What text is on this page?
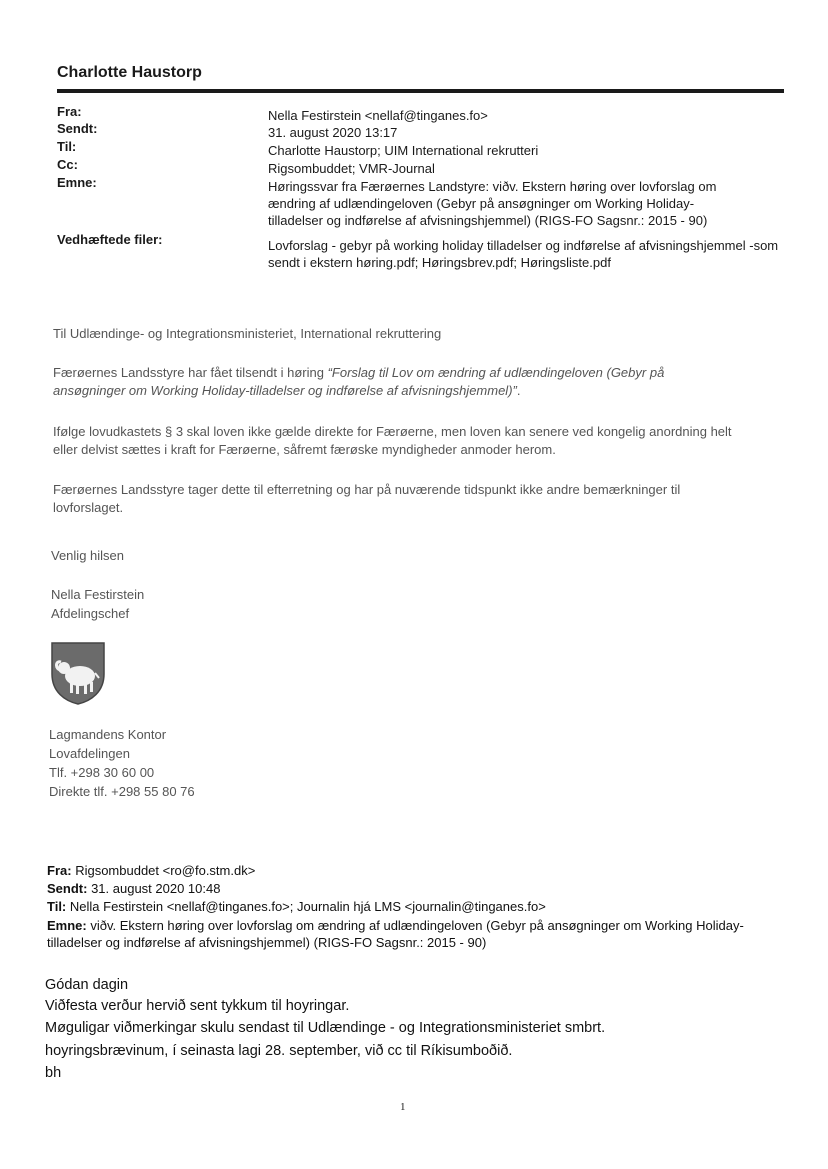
Charlotte Haustorp
Fra:	Nella Festirstein <nellaf@tinganes.fo>
Sendt:	31. august 2020 13:17
Til:	Charlotte Haustorp; UIM International rekrutteri
Cc:	Rigsombuddet; VMR-Journal
Emne:	Høringssvar fra Færøernes Landstyre: viðv. Ekstern høring over lovforslag om ændring af udlændingeloven (Gebyr på ansøgninger om Working Holiday-tilladelser og indførelse af afvisningshjemmel) (RIGS-FO Sagsnr.: 2015 - 90)
Vedhæftede filer:	Lovforslag - gebyr på working holiday tilladelser og indførelse af afvisningshjemmel -som sendt i ekstern høring.pdf; Høringsbrev.pdf; Høringsliste.pdf
Til Udlændinge- og Integrationsministeriet, International rekruttering
Færøernes Landsstyre har fået tilsendt i høring “Forslag til Lov om ændring af udlændingeloven (Gebyr på ansøgninger om Working Holiday-tilladelser og indførelse af afvisningshjemmel)”.
Ifølge lovudkastets § 3 skal loven ikke gælde direkte for Færøerne, men loven kan senere ved kongelig anordning helt eller delvist sættes i kraft for Færøerne, såfremt færøske myndigheder anmoder herom.
Færøernes Landsstyre tager dette til efterretning og har på nuværende tidspunkt ikke andre bemærkninger til lovforslaget.
Venlig hilsen
Nella Festirstein
Afdelingschef
Lagmandens Kontor
Lovafdelingen
Tlf. +298 30 60 00
Direkte tlf. +298 55 80 76
Fra: Rigsombuddet <ro@fo.stm.dk>
Sendt: 31. august 2020 10:48
Til: Nella Festirstein <nellaf@tinganes.fo>; Journalin hjá LMS <journalin@tinganes.fo>
Emne: viðv. Ekstern høring over lovforslag om ændring af udlændingeloven (Gebyr på ansøgninger om Working Holiday-tilladelser og indførelse af afvisningshjemmel) (RIGS-FO Sagsnr.: 2015 - 90)
Gódan dagin
Viðfesta verður hervið sent tykkum til hoyringar.
Møguligar viðmerkingar skulu sendast til Udlændinge - og Integrationsministeriet smbrt.
hoyringsbrævinum, í seinasta lagi 28. september, við cc til Ríkisumboðið.
bh
1
